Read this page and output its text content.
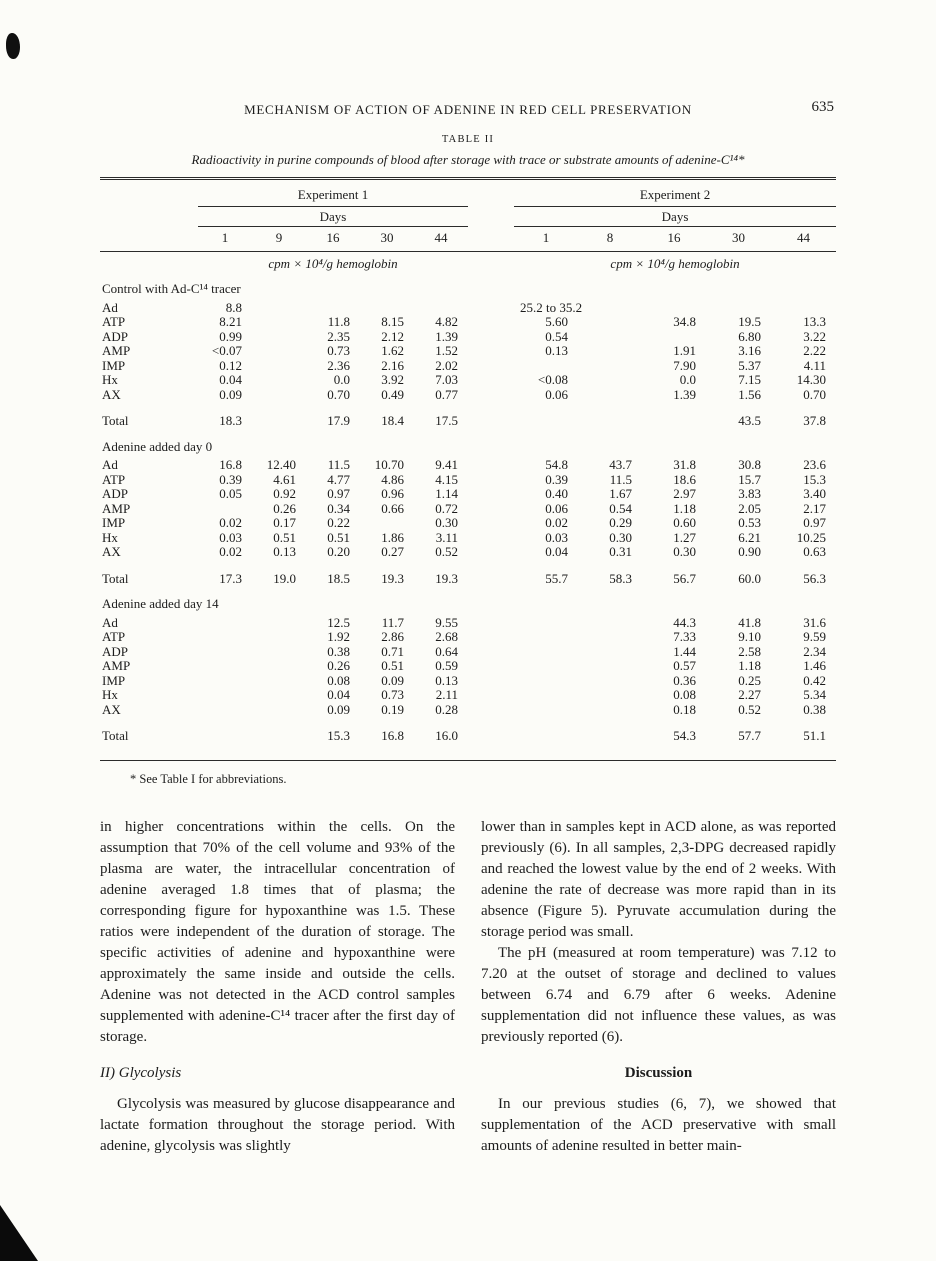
MECHANISM OF ACTION OF ADENINE IN RED CELL PRESERVATION	635
TABLE II
Radioactivity in purine compounds of blood after storage with trace or substrate amounts of adenine-C¹⁴*
	Experiment 1						Experiment 2				
	Days						Days				
	1	9	16	30	44		1	8	16	30	44
	cpm × 10⁴/g hemoglobin						cpm × 10⁴/g hemoglobin				
Control with Ad-C¹⁴ tracer											
Ad	8.8						25.2 to 35.2				
ATP	8.21		11.8	8.15	4.82		5.60		34.8	19.5	13.3
ADP	0.99		2.35	2.12	1.39		0.54			6.80	3.22
AMP	<0.07		0.73	1.62	1.52		0.13		1.91	3.16	2.22
IMP	0.12		2.36	2.16	2.02				7.90	5.37	4.11
Hx	0.04		0.0	3.92	7.03		<0.08		0.0	7.15	14.30
AX	0.09		0.70	0.49	0.77		0.06		1.39	1.56	0.70
Total	18.3		17.9	18.4	17.5					43.5	37.8
Adenine added day 0											
Ad	16.8	12.40	11.5	10.70	9.41		54.8	43.7	31.8	30.8	23.6
ATP	0.39	4.61	4.77	4.86	4.15		0.39	11.5	18.6	15.7	15.3
ADP	0.05	0.92	0.97	0.96	1.14		0.40	1.67	2.97	3.83	3.40
AMP		0.26	0.34	0.66	0.72		0.06	0.54	1.18	2.05	2.17
IMP	0.02	0.17	0.22		0.30		0.02	0.29	0.60	0.53	0.97
Hx	0.03	0.51	0.51	1.86	3.11		0.03	0.30	1.27	6.21	10.25
AX	0.02	0.13	0.20	0.27	0.52		0.04	0.31	0.30	0.90	0.63
Total	17.3	19.0	18.5	19.3	19.3		55.7	58.3	56.7	60.0	56.3
Adenine added day 14											
Ad			12.5	11.7	9.55				44.3	41.8	31.6
ATP			1.92	2.86	2.68				7.33	9.10	9.59
ADP			0.38	0.71	0.64				1.44	2.58	2.34
AMP			0.26	0.51	0.59				0.57	1.18	1.46
IMP			0.08	0.09	0.13				0.36	0.25	0.42
Hx			0.04	0.73	2.11				0.08	2.27	5.34
AX			0.09	0.19	0.28				0.18	0.52	0.38
Total			15.3	16.8	16.0				54.3	57.7	51.1
* See Table I for abbreviations.

in higher concentrations within the cells. On the assumption that 70% of the cell volume and 93% of the plasma are water, the intracellular concentration of adenine averaged 1.8 times that of plasma; the corresponding figure for hypoxanthine was 1.5. These ratios were independent of the duration of storage. The specific activities of adenine and hypoxanthine were approximately the same inside and outside the cells. Adenine was not detected in the ACD control samples supplemented with adenine-C¹⁴ tracer after the first day of storage.

II) Glycolysis

Glycolysis was measured by glucose disappearance and lactate formation throughout the storage period. With adenine, glycolysis was slightly

lower than in samples kept in ACD alone, as was reported previously (6). In all samples, 2,3-DPG decreased rapidly and reached the lowest value by the end of 2 weeks. With adenine the rate of decrease was more rapid than in its absence (Figure 5). Pyruvate accumulation during the storage period was small.

The pH (measured at room temperature) was 7.12 to 7.20 at the outset of storage and declined to values between 6.74 and 6.79 after 6 weeks. Adenine supplementation did not influence these values, as was previously reported (6).

Discussion

In our previous studies (6, 7), we showed that supplementation of the ACD preservative with small amounts of adenine resulted in better main-
